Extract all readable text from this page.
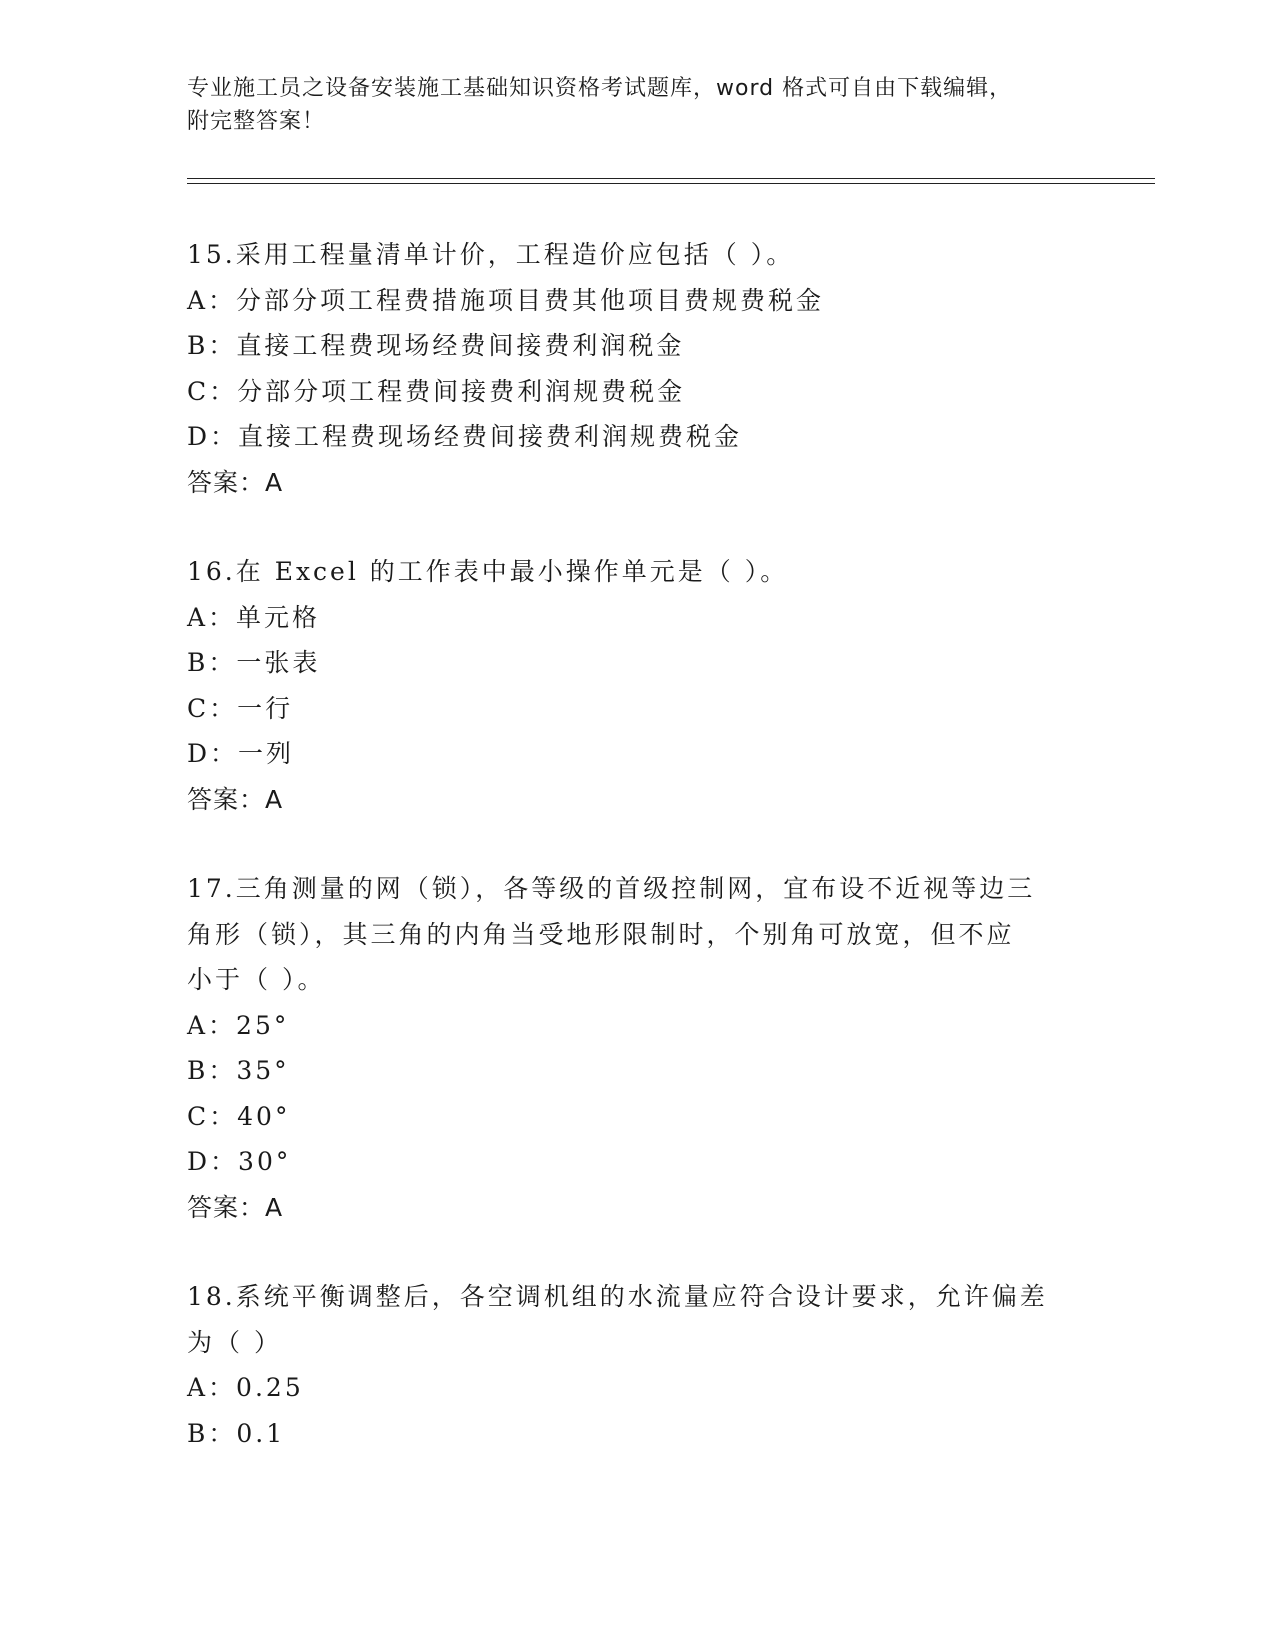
专业施工员之设备安装施工基础知识资格考试题库，word 格式可自由下载编辑，

附完整答案！

15.采用工程量清单计价，工程造价应包括（ ）。
A：分部分项工程费措施项目费其他项目费规费税金
B：直接工程费现场经费间接费利润税金
C：分部分项工程费间接费利润规费税金
D：直接工程费现场经费间接费利润规费税金
答案：A
16.在 Excel 的工作表中最小操作单元是（ ）。
A：单元格
B：一张表
C：一行
D：一列
答案：A
17.三角测量的网（锁），各等级的首级控制网，宜布设不近视等边三
角形（锁），其三角的内角当受地形限制时，个别角可放宽，但不应
小于（ ）。
A：25°
B：35°
C：40°
D：30°
答案：A
18.系统平衡调整后，各空调机组的水流量应符合设计要求，允许偏差
为（ ）
A：0.25
B：0.1
